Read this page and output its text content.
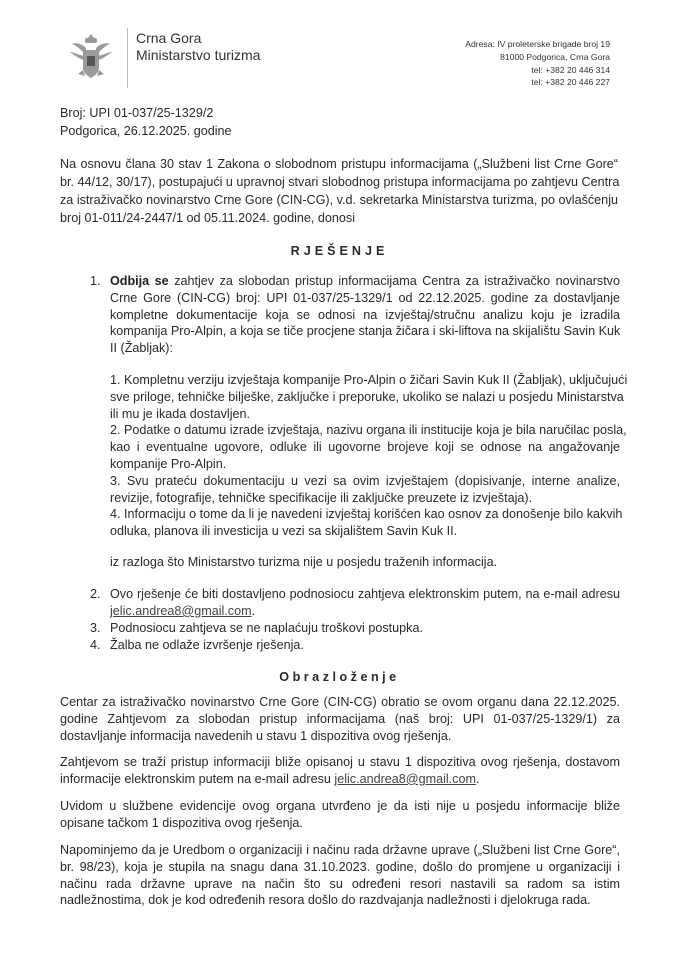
Crna Gora
Ministarstvo turizma
Adresa: IV proleterske brigade broj 19
81000 Podgorica, Crna Gora
tel: +382 20 446 314
tel: +382 20 446 227
Broj: UPI 01-037/25-1329/2
Podgorica, 26.12.2025. godine
Na osnovu člana 30 stav 1 Zakona o slobodnom pristupu informacijama („Službeni list Crne Gore“
br. 44/12, 30/17), postupajući u upravnoj stvari slobodnog pristupa informacijama po zahtjevu Centra
za istraživačko novinarstvo Crne Gore (CIN-CG), v.d. sekretarka Ministarstva turizma, po ovlašćenju
broj 01-011/24-2447/1 od 05.11.2024. godine, donosi
RJEŠENJE
1. Odbija se zahtjev za slobodan pristup informacijama Centra za istraživačko novinarstvo
Crne Gore (CIN-CG) broj: UPI 01-037/25-1329/1 od 22.12.2025. godine za dostavljanje
kompletne dokumentacije koja se odnosi na izvještaj/stručnu analizu koju je izradila
kompanija Pro-Alpin, a koja se tiče procjene stanja žičara i ski-liftova na skijalištu Savin Kuk
II (Žabljak):
1. Kompletnu verziju izvještaja kompanije Pro-Alpin o žičari Savin Kuk II (Žabljak), uključujući
sve priloge, tehničke bilješke, zaključke i preporuke, ukoliko se nalazi u posjedu Ministarstva
ili mu je ikada dostavljen.
2. Podatke o datumu izrade izvještaja, nazivu organa ili institucije koja je bila naručilac posla,
kao i eventualne ugovore, odluke ili ugovorne brojeve koji se odnose na angažovanje
kompanije Pro-Alpin.
3. Svu prateću dokumentaciju u vezi sa ovim izvještajem (dopisivanje, interne analize,
revizije, fotografije, tehničke specifikacije ili zaključke preuzete iz izvještaja).
4. Informaciju o tome da li je navedeni izvještaj korišćen kao osnov za donošenje bilo kakvih
odluka, planova ili investicija u vezi sa skijalištem Savin Kuk II.
iz razloga što Ministarstvo turizma nije u posjedu traženih informacija.
2. Ovo rješenje će biti dostavljeno podnosiocu zahtjeva elektronskim putem, na e-mail adresu
jelic.andrea8@gmail.com.
3. Podnosiocu zahtjeva se ne naplaćuju troškovi postupka.
4. Žalba ne odlaže izvršenje rješenja.
Obrazloženje
Centar za istraživačko novinarstvo Crne Gore (CIN-CG) obratio se ovom organu dana 22.12.2025.
godine Zahtjevom za slobodan pristup informacijama (naš broj: UPI 01-037/25-1329/1) za
dostavljanje informacija navedenih u stavu 1 dispozitiva ovog rješenja.
Zahtjevom se traži pristup informaciji bliže opisanoj u stavu 1 dispozitiva ovog rješenja, dostavom
informacije elektronskim putem na e-mail adresu jelic.andrea8@gmail.com.
Uvidom u službene evidencije ovog organa utvrđeno je da isti nije u posjedu informacije bliže
opisane tačkom 1 dispozitiva ovog rješenja.
Napominjemo da je Uredbom o organizaciji i načinu rada državne uprave („Službeni list Crne Gore“,
br. 98/23), koja je stupila na snagu dana 31.10.2023. godine, došlo do promjene u organizaciji i
načinu rada državne uprave na način što su određeni resori nastavili sa radom sa istim
nadležnostima, dok je kod određenih resora došlo do razdvajanja nadležnosti i djelokruga rada.
